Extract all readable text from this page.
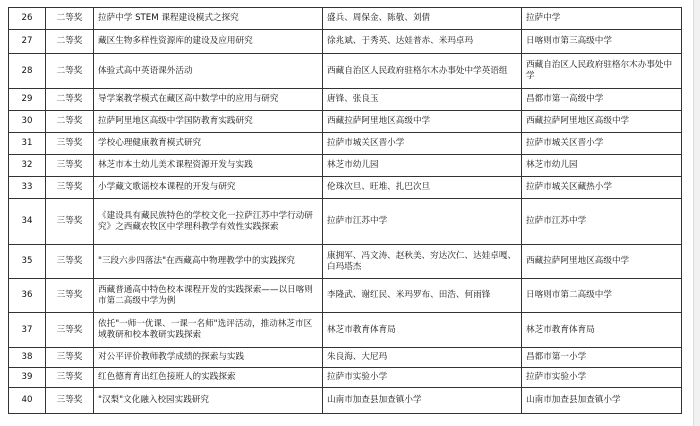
26	二等奖	拉萨中学 STEM 课程建设模式之探究	盛兵、周保金、陈敬、刘倩	拉萨中学
27	二等奖	藏区生物多样性资源库的建设及应用研究	徐兆斌、于秀英、达娃普赤、米玛卓玛	日喀则市第三高级中学
28	二等奖	体验式高中英语课外活动	西藏自治区人民政府驻格尔木办事处中学英语组	西藏自治区人民政府驻格尔木办事处中学
29	二等奖	导学案教学模式在藏区高中数学中的应用与研究	唐锋、张良玉	昌都市第一高级中学
30	二等奖	拉萨阿里地区高级中学国防教育实践研究	西藏拉萨阿里地区高级中学	西藏拉萨阿里地区高级中学
31	三等奖	学校心理健康教育模式研究	拉萨市城关区晋小学	拉萨市城关区晋小学
32	三等奖	林芝市本土幼儿美术课程资源开发与实践	林芝市幼儿园	林芝市幼儿园
33	三等奖	小学藏文歌谣校本课程的开发与研究	伦珠次旦、旺堆、扎巴次旦	拉萨市城关区藏热小学
34	三等奖	《建设具有藏民族特色的学校文化一拉萨江苏中学行动研究》之西藏农牧区中学理科教学有效性实践探索	拉萨市江苏中学	拉萨市江苏中学
35	三等奖	"三段六步四落法"在西藏高中物理教学中的实践探究	康拥军、冯文涛、赵秋美、穷达次仁、达娃卓嘎、白玛塔杰	西藏拉萨阿里地区高级中学
36	三等奖	西藏普通高中特色校本课程开发的实践探索——以日喀则市第二高级中学为例	李隆武、谢红民、米玛罗布、田浩、何雨锋	日喀则市第二高级中学
37	三等奖	依托"一师一优课、一课一名师"选评活动，推动林芝市区域教研和校本教研实践探索	林芝市教育体育局	林芝市教育体育局
38	三等奖	对公平评价教师教学成绩的探索与实践	朱良海、大尼玛	昌都市第一小学
39	三等奖	红色德育育出红色接班人的实践探索	拉萨市实验小学	拉萨市实验小学
40	三等奖	"汉梨"文化融入校园实践研究	山南市加查县加查镇小学	山南市加查县加查镇小学
